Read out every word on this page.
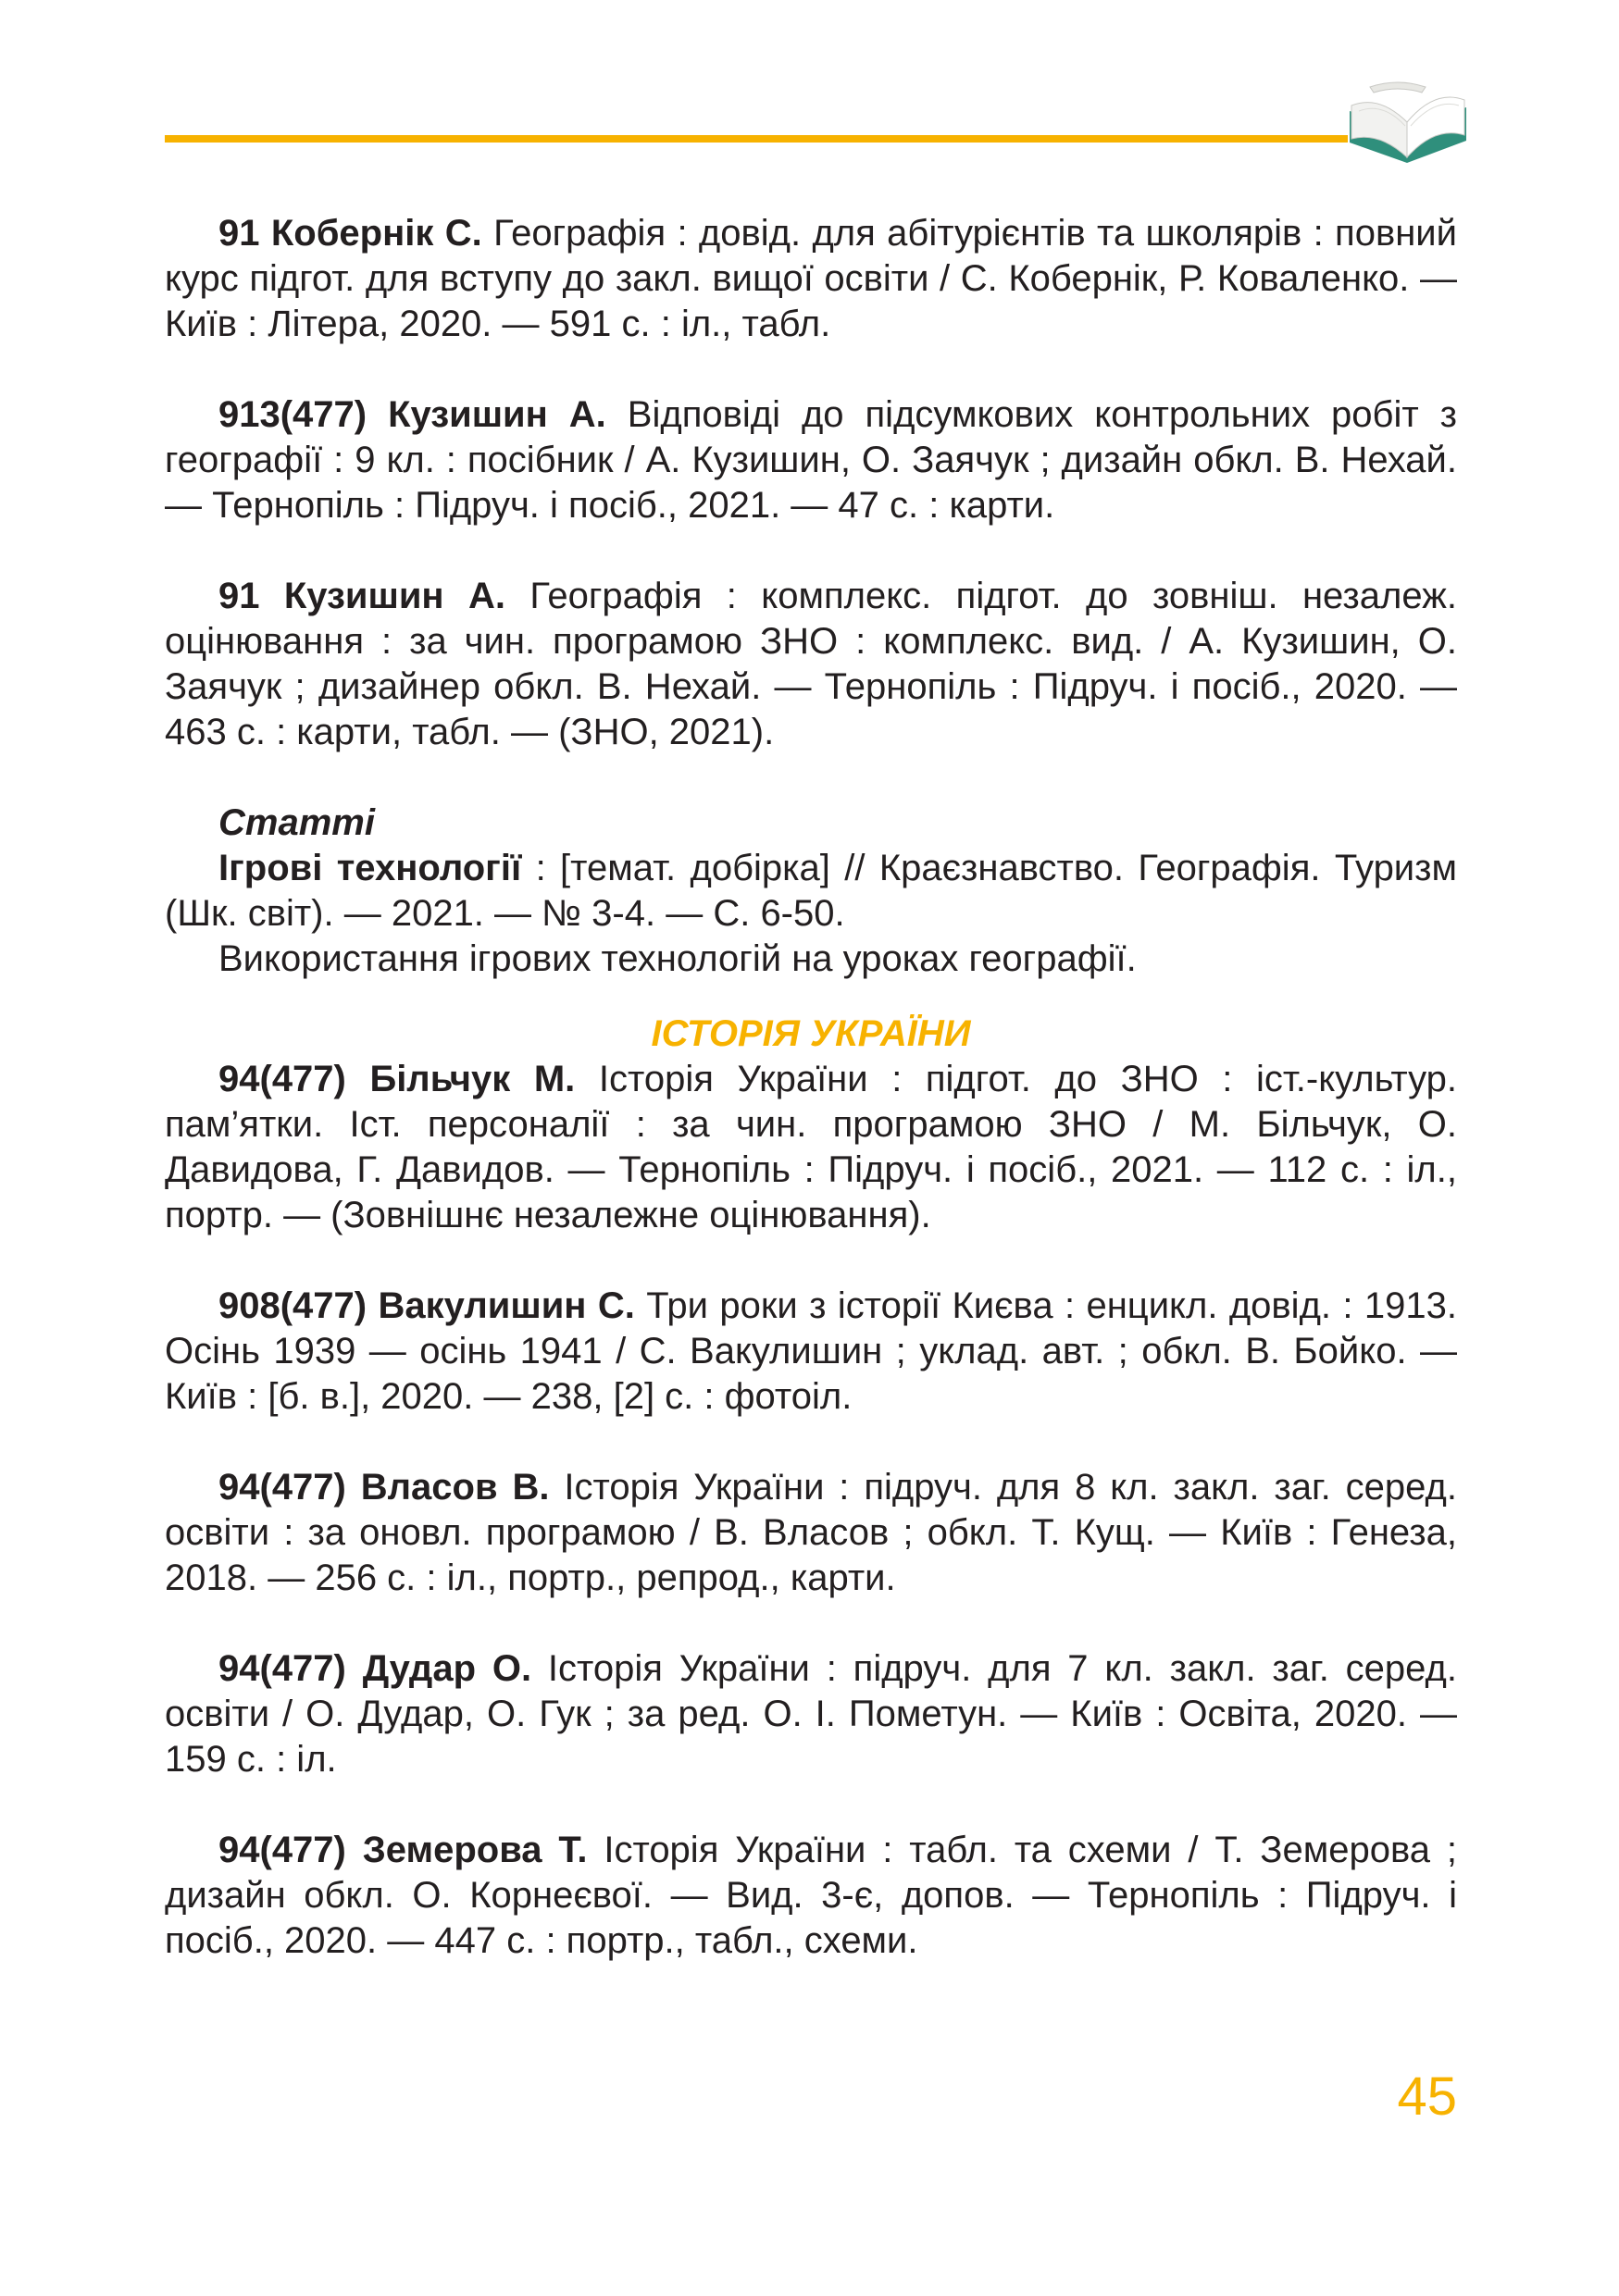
91 Кобернік С. Географія : довід. для абітурієнтів та школярів : повний курс підгот. для вступу до закл. вищої освіти / С. Кобернік, Р. Коваленко. — Київ : Літера, 2020. — 591 с. : іл., табл.

913(477) Кузишин А. Відповіді до підсумкових контрольних робіт з географії : 9 кл. : посібник / А. Кузишин, О. Заячук ; дизайн обкл. В. Нехай. — Тернопіль : Підруч. і посіб., 2021. — 47 с. : карти.

91 Кузишин А. Географія : комплекс. підгот. до зовніш. незалеж. оцінювання : за чин. програмою ЗНО : комплекс. вид. / А. Кузишин, О. Заячук ; дизайнер обкл. В. Нехай. — Тернопіль : Підруч. і посіб., 2020. — 463 с. : карти, табл. — (ЗНО, 2021).

Статті

Ігрові технології : [темат. добірка] // Краєзнавство. Географія. Туризм (Шк. світ). — 2021. — № 3-4. — С. 6-50.

Використання ігрових технологій на уроках географії.

ІСТОРІЯ УКРАЇНИ

94(477) Більчук М. Історія України : підгот. до ЗНО : іст.-культур. пам’ятки. Іст. персоналії : за чин. програмою ЗНО / М. Більчук, О. Давидова, Г. Давидов. — Тернопіль : Підруч. і посіб., 2021. — 112 с. : іл., портр. — (Зовнішнє незалежне оцінювання).

908(477) Вакулишин С. Три роки з історії Києва : енцикл. довід. : 1913. Осінь 1939 — осінь 1941 / С. Вакулишин ; уклад. авт. ; обкл. В. Бойко. — Київ : [б. в.], 2020. — 238, [2] с. : фотоіл.

94(477) Власов В. Історія України : підруч. для 8 кл. закл. заг. серед. освіти : за оновл. програмою / В. Власов ; обкл. Т. Кущ. — Київ : Генеза, 2018. — 256 с. : іл., портр., репрод., карти.

94(477) Дудар О. Історія України : підруч. для 7 кл. закл. заг. серед. освіти / О. Дудар, О. Гук ; за ред. О. І. Пометун. — Київ : Освіта, 2020. — 159 с. : іл.

94(477) Земерова Т. Історія України : табл. та схеми / Т. Земерова ; дизайн обкл. О. Корнеєвої. — Вид. 3-є, допов. — Тернопіль : Підруч. і посіб., 2020. — 447 с. : портр., табл., схеми.

45
